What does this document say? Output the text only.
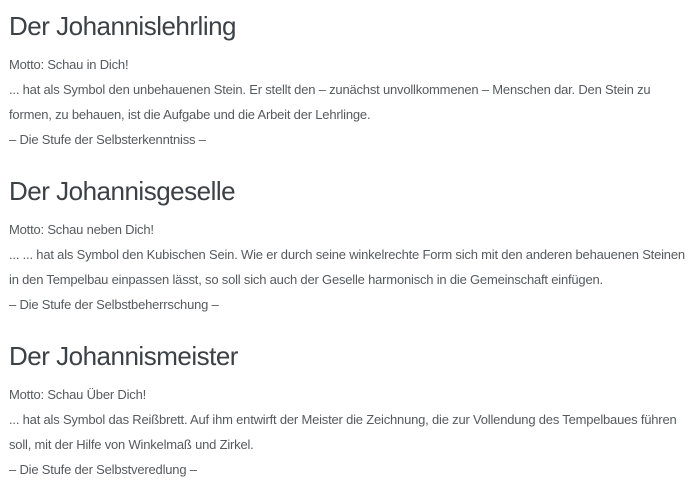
Der Johannislehrling

Motto: Schau in Dich!

... hat als Symbol den unbehauenen Stein. Er stellt den – zunächst unvollkommenen – Menschen dar. Den Stein zu formen, zu behauen, ist die Aufgabe und die Arbeit der Lehrlinge.

– Die Stufe der Selbsterkenntniss –

Der Johannisgeselle

Motto: Schau neben Dich!

... ... hat als Symbol den Kubischen Sein. Wie er durch seine winkelrechte Form sich mit den anderen behauenen Steinen in den Tempelbau einpassen lässt, so soll sich auch der Geselle harmonisch in die Gemeinschaft einfügen.

– Die Stufe der Selbstbeherrschung –

Der Johannismeister

Motto: Schau Über Dich!

... hat als Symbol das Reißbrett. Auf ihm entwirft der Meister die Zeichnung, die zur Vollendung des Tempelbaues führen soll, mit der Hilfe von Winkelmaß und Zirkel.

– Die Stufe der Selbstveredlung –
